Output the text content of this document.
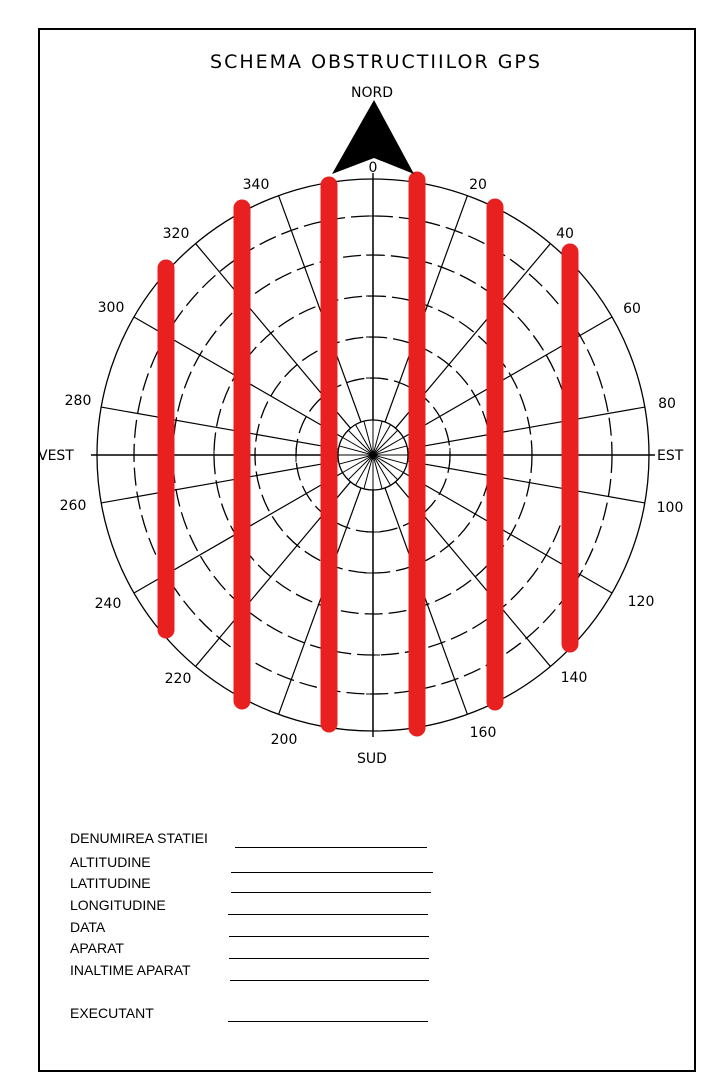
SCHEMA OBSTRUCTIILOR GPS
0
20
40
60
80
100
120
140
160
200
220
240
260
280
300
320
340
NORD
SUD
EST
VEST
DENUMIREA STATIEI
ALTITUDINE
LATITUDINE
LONGITUDINE
DATA
APARAT
INALTIME APARAT
EXECUTANT
